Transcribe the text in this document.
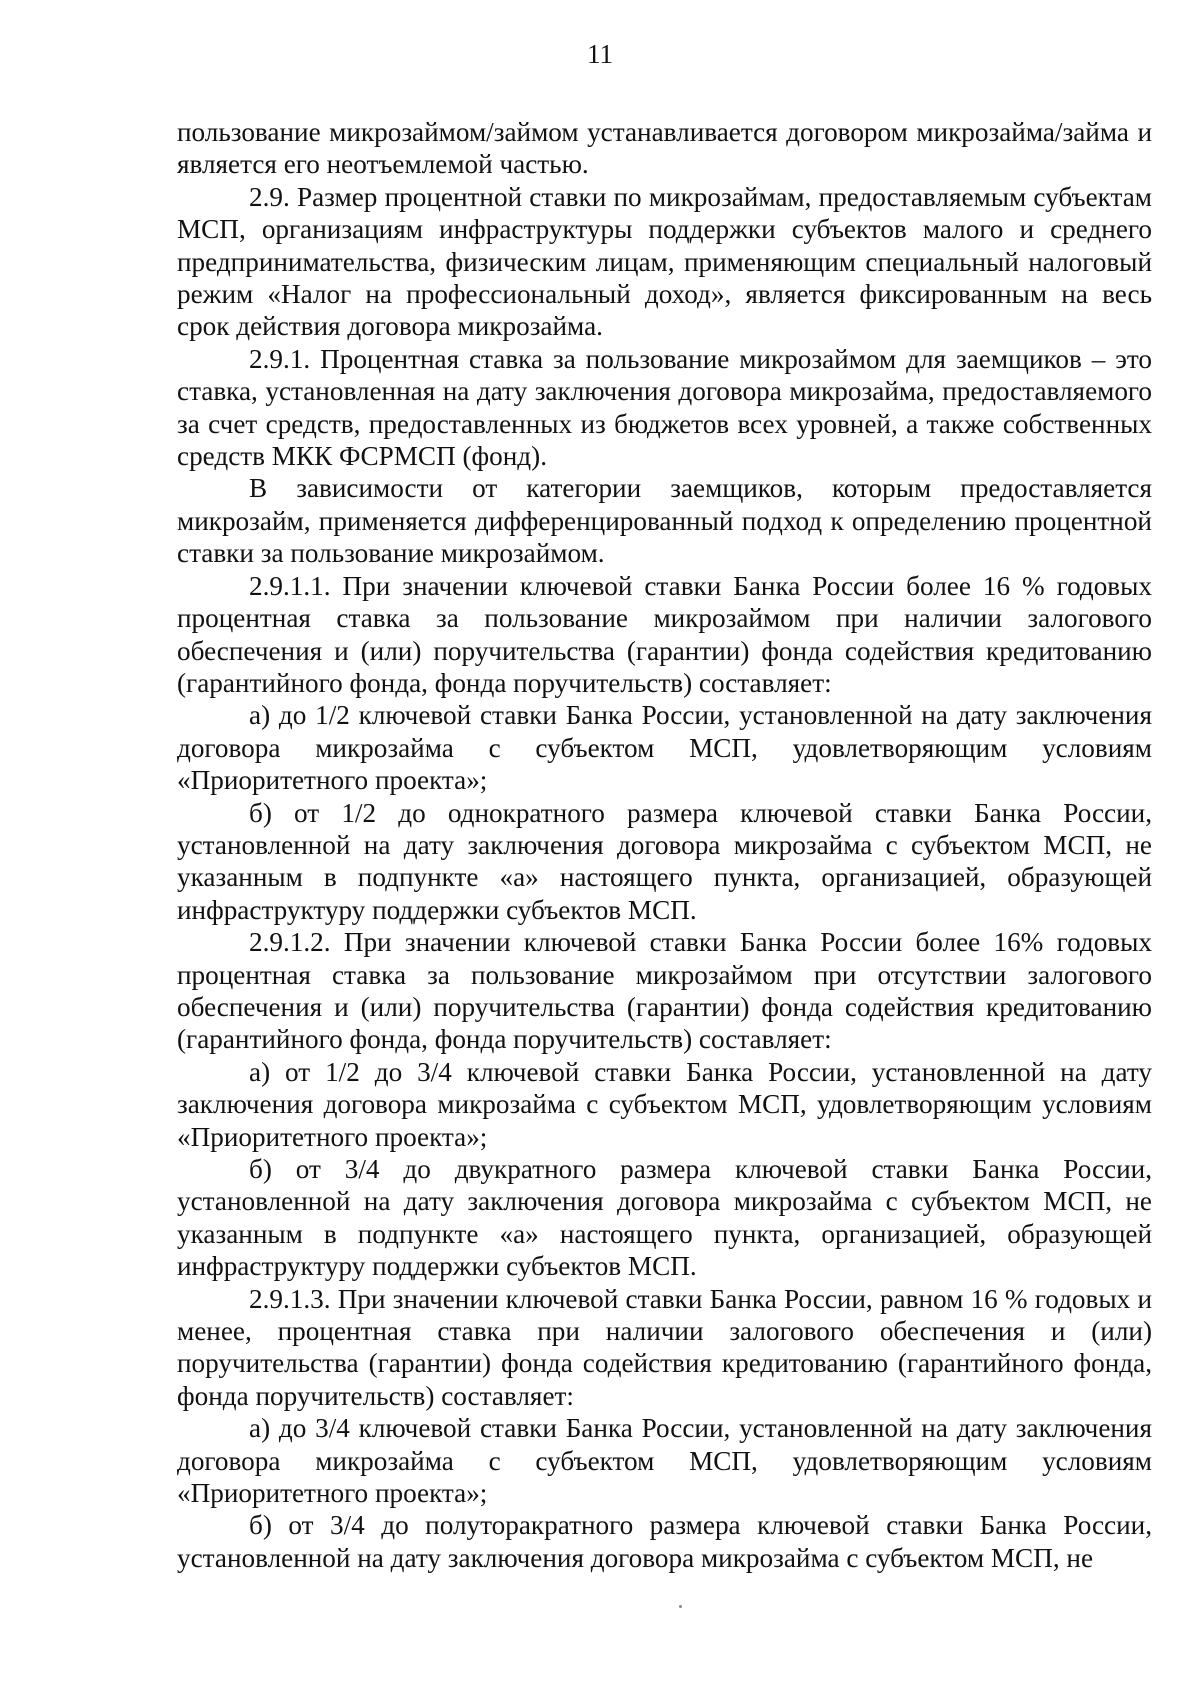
11

пользование микрозаймом/займом устанавливается договором микрозайма/займа и является его неотъемлемой частью.

2.9. Размер процентной ставки по микрозаймам, предоставляемым субъектам МСП, организациям инфраструктуры поддержки субъектов малого и среднего предпринимательства, физическим лицам, применяющим специальный налоговый режим «Налог на профессиональный доход», является фиксированным на весь срок действия договора микрозайма.

2.9.1. Процентная ставка за пользование микрозаймом для заемщиков – это ставка, установленная на дату заключения договора микрозайма, предоставляемого за счет средств, предоставленных из бюджетов всех уровней, а также собственных средств МКК ФСРМСП (фонд).

В зависимости от категории заемщиков, которым предоставляется микрозайм, применяется дифференцированный подход к определению процентной ставки за пользование микрозаймом.

2.9.1.1. При значении ключевой ставки Банка России более 16 % годовых процентная ставка за пользование микрозаймом при наличии залогового обеспечения и (или) поручительства (гарантии) фонда содействия кредитованию (гарантийного фонда, фонда поручительств) составляет:

а) до 1/2 ключевой ставки Банка России, установленной на дату заключения договора микрозайма с субъектом МСП, удовлетворяющим условиям «Приоритетного проекта»;

б) от 1/2 до однократного размера ключевой ставки Банка России, установленной на дату заключения договора микрозайма с субъектом МСП, не указанным в подпункте «а» настоящего пункта, организацией, образующей инфраструктуру поддержки субъектов МСП.

2.9.1.2. При значении ключевой ставки Банка России более 16% годовых процентная ставка за пользование микрозаймом при отсутствии залогового обеспечения и (или) поручительства (гарантии) фонда содействия кредитованию (гарантийного фонда, фонда поручительств) составляет:

а) от 1/2 до 3/4 ключевой ставки Банка России, установленной на дату заключения договора микрозайма с субъектом МСП, удовлетворяющим условиям «Приоритетного проекта»;

б) от 3/4 до двукратного размера ключевой ставки Банка России, установленной на дату заключения договора микрозайма с субъектом МСП, не указанным в подпункте «а» настоящего пункта, организацией, образующей инфраструктуру поддержки субъектов МСП.

2.9.1.3. При значении ключевой ставки Банка России, равном 16 % годовых и менее, процентная ставка при наличии залогового обеспечения и (или) поручительства (гарантии) фонда содействия кредитованию (гарантийного фонда, фонда поручительств) составляет:

а) до 3/4 ключевой ставки Банка России, установленной на дату заключения договора микрозайма с субъектом МСП, удовлетворяющим условиям «Приоритетного проекта»;

б) от 3/4 до полуторакратного размера ключевой ставки Банка России, установленной на дату заключения договора микрозайма с субъектом МСП, не
